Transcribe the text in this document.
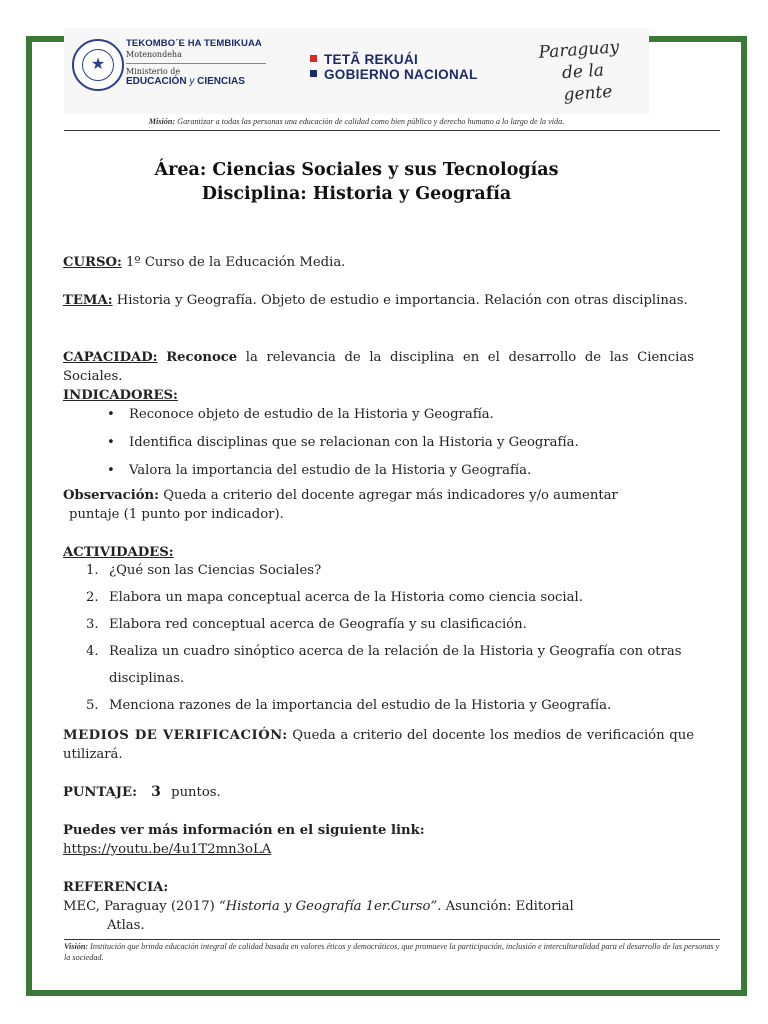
★
TEKOMBO´E HA TEMBIKUAA
Motenondeha
Ministerio de
EDUCACIÓN y CIENCIAS
TETÃ REKUÁI
GOBIERNO NACIONAL
Paraguay
de la gente
Misión: Garantizar a todas las personas una educación de calidad como bien público y derecho humano a lo largo de la vida.
Área: Ciencias Sociales y sus Tecnologías
Disciplina: Historia y Geografía
CURSO: 1º Curso de la Educación Media.
TEMA: Historia y Geografía. Objeto de estudio e importancia. Relación con otras disciplinas.
CAPACIDAD: Reconoce la relevancia de la disciplina en el desarrollo de las Ciencias Sociales.
INDICADORES:
• Reconoce objeto de estudio de la Historia y Geografía.
• Identifica disciplinas que se relacionan con la Historia y Geografía.
• Valora la importancia del estudio de la Historia y Geografía.
Observación: Queda a criterio del docente agregar más indicadores y/o aumentar
puntaje (1 punto por indicador).
ACTIVIDADES:
1. ¿Qué son las Ciencias Sociales?
2. Elabora un mapa conceptual acerca de la Historia como ciencia social.
3. Elabora red conceptual acerca de Geografía y su clasificación.
4. Realiza un cuadro sinóptico acerca de la relación de la Historia y Geografía con otras disciplinas.
5. Menciona razones de la importancia del estudio de la Historia y Geografía.
MEDIOS DE VERIFICACIÓN: Queda a criterio del docente los medios de verificación que utilizará.
PUNTAJE: 3 puntos.
Puedes ver más información en el siguiente link:
https://youtu.be/4u1T2mn3oLA
REFERENCIA:
MEC, Paraguay (2017) “Historia y Geografía 1er.Curso”. Asunción: Editorial
Atlas.
Visión: Institución que brinda educación integral de calidad basada en valores éticos y democráticos, que promueve la participación, inclusión e interculturalidad para el desarrollo de las personas y la sociedad.
